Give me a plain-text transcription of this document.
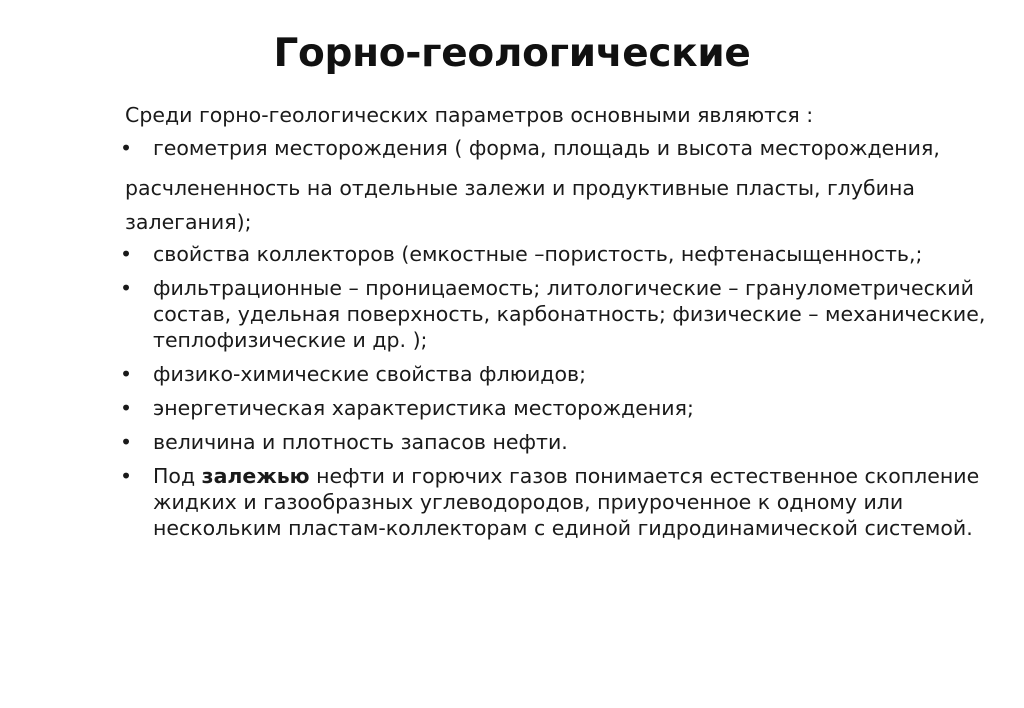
Горно-геологические
Среди горно-геологических параметров основными являются :
• геометрия месторождения ( форма, площадь и высота месторождения,
расчлененность на отдельные залежи и продуктивные пласты, глубина
залегания);
• свойства коллекторов (емкостные –пористость, нефтенасыщенность,;
• фильтрационные – проницаемость; литологические – гранулометрический состав, удельная поверхность, карбонатность; физические – механические, теплофизические и др. );
• физико-химические свойства флюидов;
• энергетическая характеристика месторождения;
• величина и плотность запасов нефти.
• Под залежью нефти и горючих газов понимается естественное скопление жидких и газообразных углеводородов, приуроченное к одному или нескольким пластам-коллекторам с единой гидродинамической системой.
